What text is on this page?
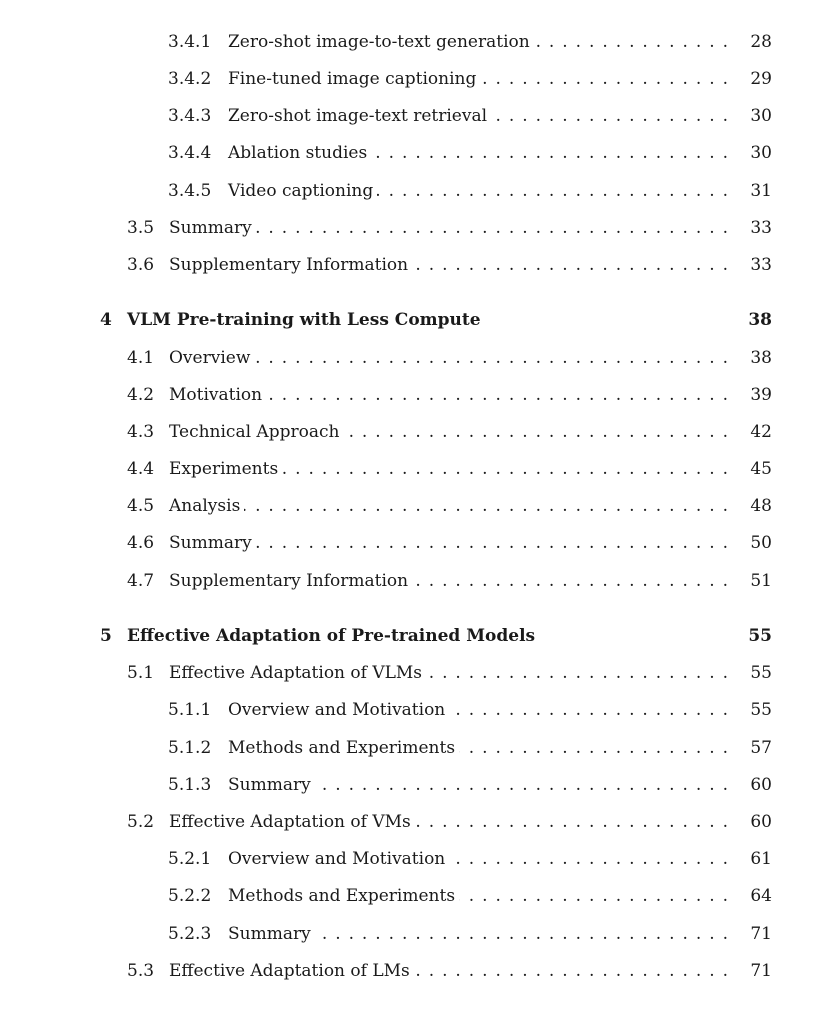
3.4.1 Zero-shot image-to-text generation . . .	28
3.4.2 Fine-tuned image captioning . . .	29
3.4.3 Zero-shot image-text retrieval . . .	30
3.4.4 Ablation studies . . .	30
3.4.5 Video captioning . . .	31
3.5 Summary . . .	33
3.6 Supplementary Information . . .	33
4 VLM Pre-training with Less Compute	38
4.1 Overview . . .	38
4.2 Motivation . . .	39
4.3 Technical Approach . . .	42
4.4 Experiments . . .	45
4.5 Analysis . . .	48
4.6 Summary . . .	50
4.7 Supplementary Information . . .	51
5 Effective Adaptation of Pre-trained Models	55
5.1 Effective Adaptation of VLMs . . .	55
5.1.1 Overview and Motivation . . .	55
5.1.2 Methods and Experiments . . .	57
5.1.3 Summary . . .	60
5.2 Effective Adaptation of VMs . . .	60
5.2.1 Overview and Motivation . . .	61
5.2.2 Methods and Experiments . . .	64
5.2.3 Summary . . .	71
5.3 Effective Adaptation of LMs . . .	71
